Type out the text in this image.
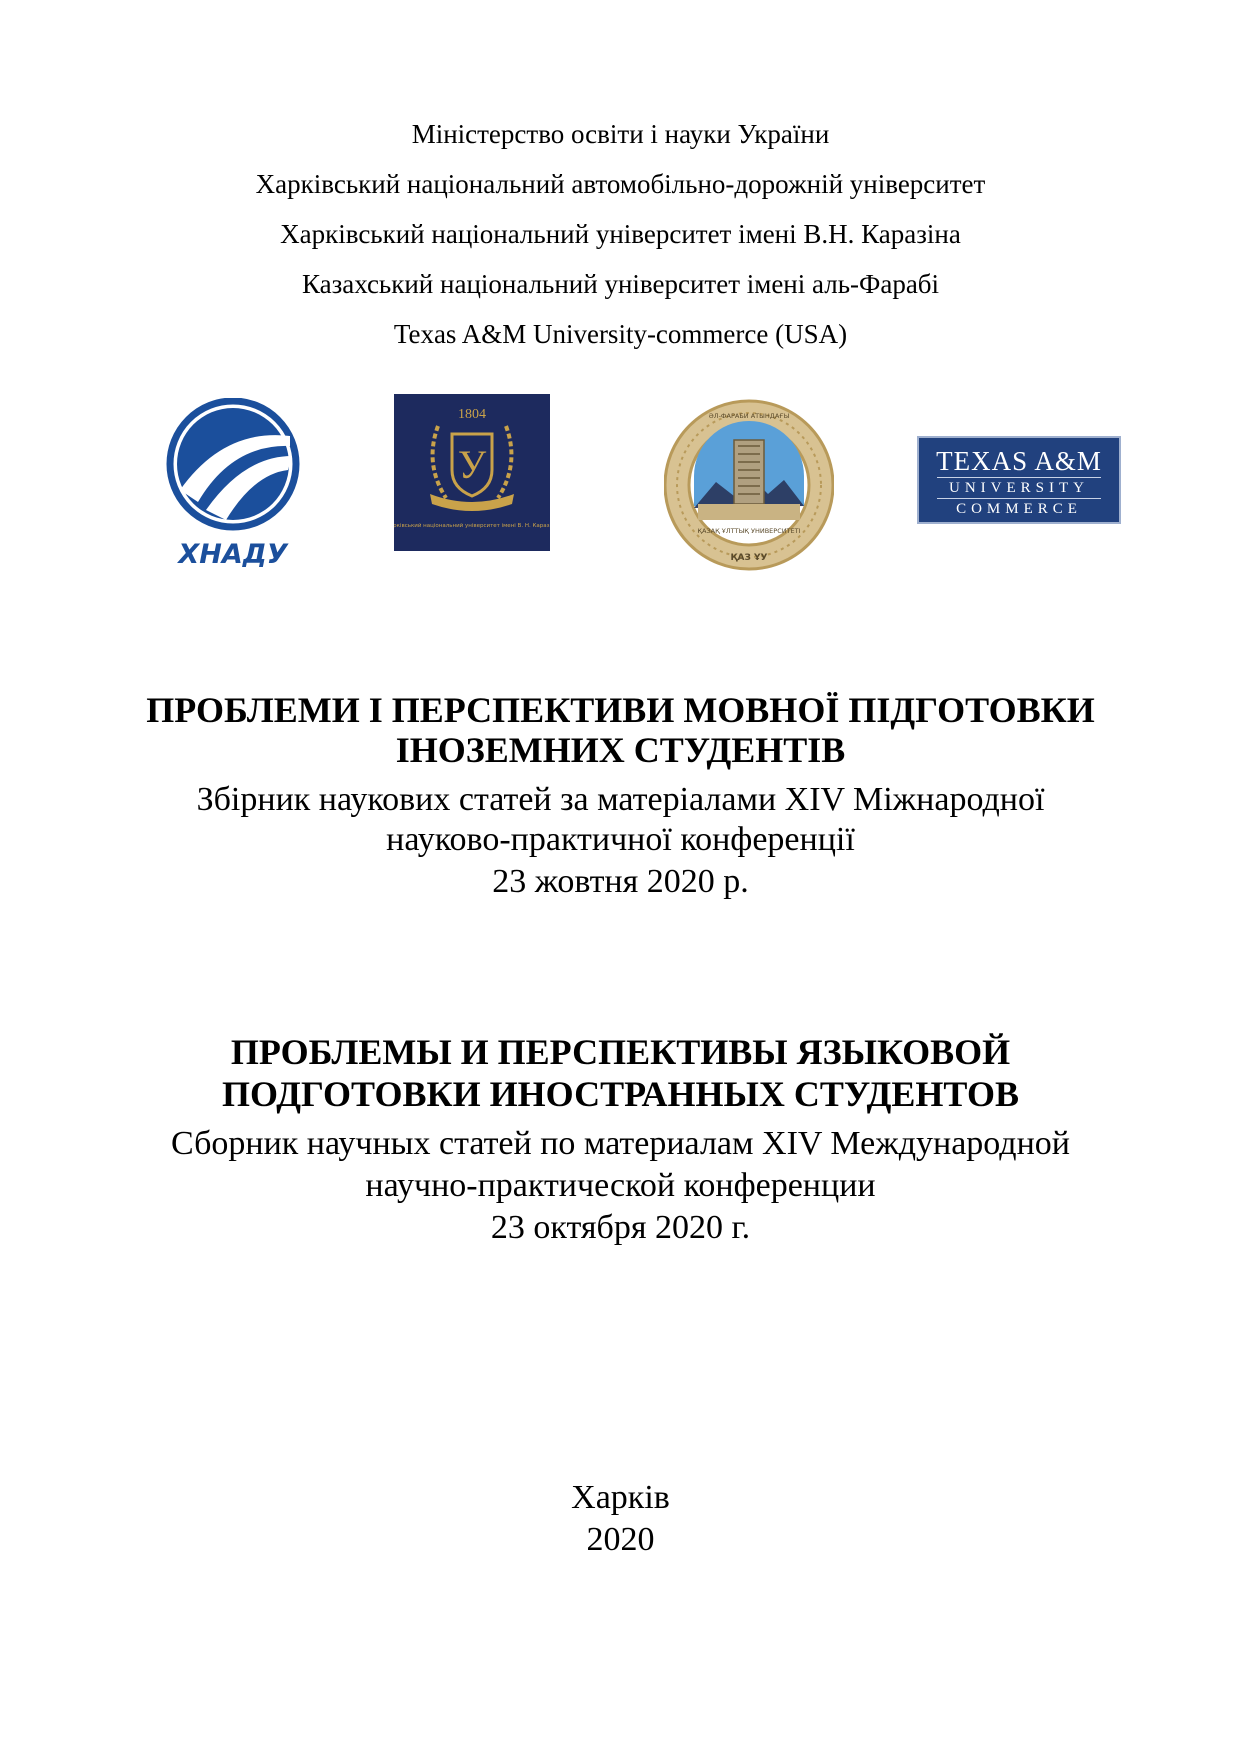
Міністерство освіти і науки України
Харківський національний автомобільно-дорожній університет
Харківський національний університет імені В.Н. Каразіна
Казахський національний університет імені аль-Фарабі
Texas A&M University-commerce (USA)
ХНАДУ
1804
У
Харківський національний університет імені В. Н. Каразіна
ҚАЗАҚ ҰЛТТЫҚ УНИВЕРСИТЕТІ
ӘЛ-ФАРАБИ АТЫНДАҒЫ
ҚАЗ ҰУ
TEXAS A&M
UNIVERSITY
COMMERCE
ПРОБЛЕМИ І ПЕРСПЕКТИВИ МОВНОЇ ПІДГОТОВКИ
ІНОЗЕМНИХ СТУДЕНТІВ
Збірник наукових статей за матеріалами XIV Міжнародної
науково-практичної конференції
23 жовтня 2020 р.
ПРОБЛЕМЫ И ПЕРСПЕКТИВЫ ЯЗЫКОВОЙ
ПОДГОТОВКИ ИНОСТРАННЫХ СТУДЕНТОВ
Сборник научных статей по материалам XIV Международной
научно-практической конференции
23 октября 2020 г.
Харків
2020
